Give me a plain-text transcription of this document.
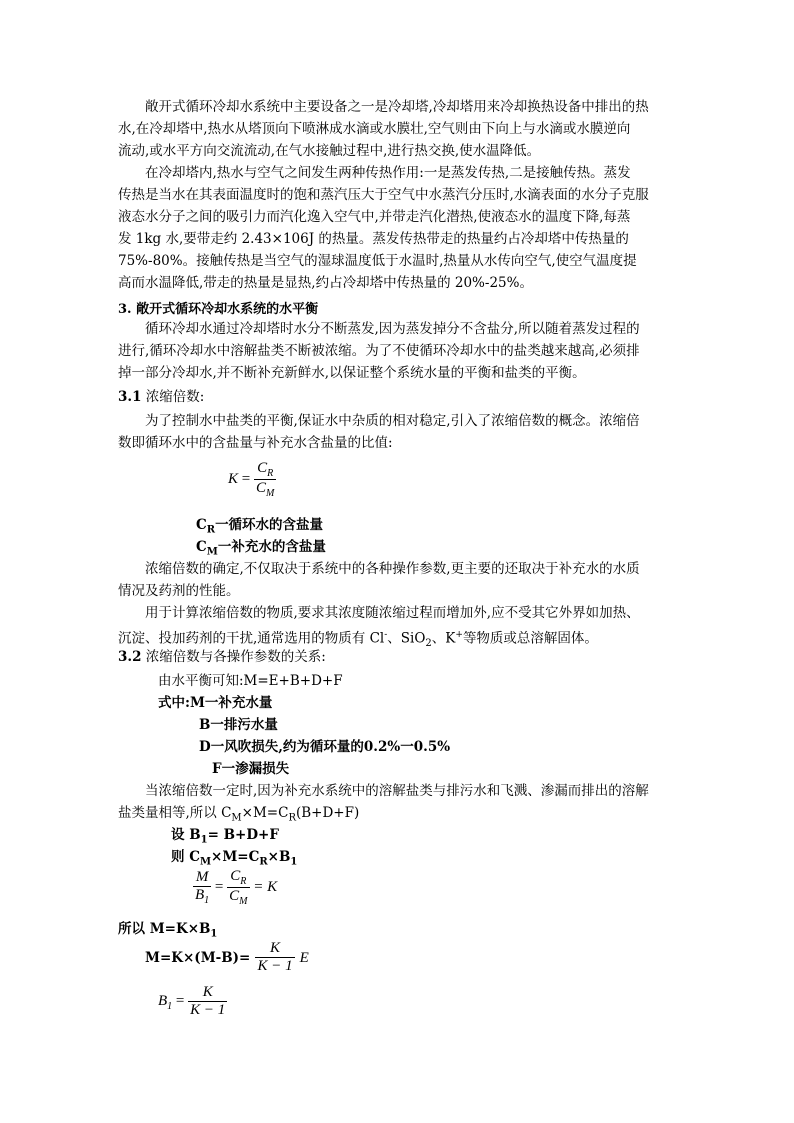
敞开式循环冷却水系统中主要设备之一是冷却塔,冷却塔用来冷却换热设备中排出的热
水,在冷却塔中,热水从塔顶向下喷淋成水滴或水膜壮,空气则由下向上与水滴或水膜逆向
流动,或水平方向交流流动,在气水接触过程中,进行热交换,使水温降低。
在冷却塔内,热水与空气之间发生两种传热作用:一是蒸发传热,二是接触传热。蒸发
传热是当水在其表面温度时的饱和蒸汽压大于空气中水蒸汽分压时,水滴表面的水分子克服
液态水分子之间的吸引力而汽化逸入空气中,并带走汽化潜热,使液态水的温度下降,每蒸
发 1kg 水,要带走约 2.43×106J 的热量。蒸发传热带走的热量约占冷却塔中传热量的
75%-80%。接触传热是当空气的湿球温度低于水温时,热量从水传向空气,使空气温度提
高而水温降低,带走的热量是显热,约占冷却塔中传热量的 20%-25%。
3. 敞开式循环冷却水系统的水平衡
循环冷却水通过冷却塔时水分不断蒸发,因为蒸发掉分不含盐分,所以随着蒸发过程的
进行,循环冷却水中溶解盐类不断被浓缩。为了不使循环冷却水中的盐类越来越高,必须排
掉一部分冷却水,并不断补充新鲜水,以保证整个系统水量的平衡和盐类的平衡。
3.1 浓缩倍数:
为了控制水中盐类的平衡,保证水中杂质的相对稳定,引入了浓缩倍数的概念。浓缩倍
数即循环水中的含盐量与补充水含盐量的比值:
$K = \frac{C_R}{C_M}$
$C_R$一循环水的含盐量
$C_M$一补充水的含盐量
浓缩倍数的确定,不仅取决于系统中的各种操作参数,更主要的还取决于补充水的水质
情况及药剂的性能。
用于计算浓缩倍数的物质,要求其浓度随浓缩过程而增加外,应不受其它外界如加热、
沉淀、投加药剂的干扰,通常选用的物质有 Cl-、SiO$_2$、K+等物质或总溶解固体。
3.2 浓缩倍数与各操作参数的关系:
由水平衡可知:M=E+B+D+F
式中:M一补充水量
B一排污水量
D一风吹损失,约为循环量的0.2%一0.5%
F一渗漏损失
当浓缩倍数一定时,因为补充水系统中的溶解盐类与排污水和飞溅、渗漏而排出的溶解
盐类量相等,所以 $C_M\times M=C_R(B+D+F)$
设 $B_1= B+D+F$
则 $C_M\times M=C_R\times B_1$
$\frac{M}{B_1} = \frac{C_R}{C_M} = K$
所以 $M=K\times B_1$
$M=K\times(M-B)= \frac{K}{K - 1}$ E
$B_1 = \frac{K}{K - 1}$
